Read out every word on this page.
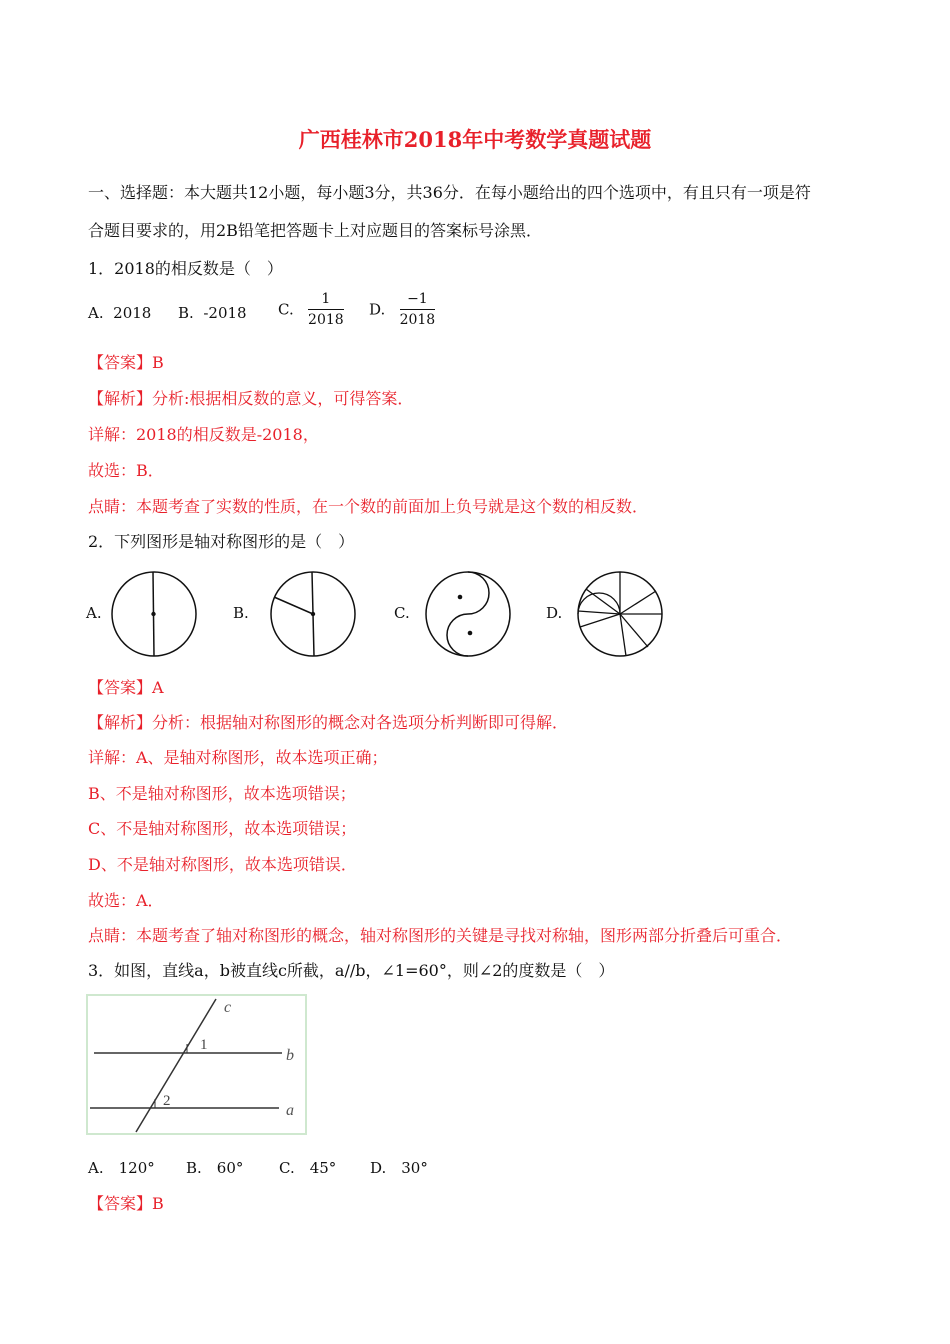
广西桂林市2018年中考数学真题试题
一、选择题：本大题共12小题，每小题3分，共36分．在每小题给出的四个选项中，有且只有一项是符
合题目要求的，用2B铅笔把答题卡上对应题目的答案标号涂黑．
1．2018的相反数是（　）
A. 2018 B. -2018 C. $\frac{1}{2018} D$. $\frac{-1}{2018}$
【答案】B
【解析】分析:根据相反数的意义，可得答案．
详解：2018的相反数是-2018，
故选：B．
点睛：本题考查了实数的性质，在一个数的前面加上负号就是这个数的相反数．
2．下列图形是轴对称图形的是（　）
A.	B.	C.	D.
【答案】A
【解析】分析：根据轴对称图形的概念对各选项分析判断即可得解．
详解：A、是轴对称图形，故本选项正确；
B、不是轴对称图形，故本选项错误；
C、不是轴对称图形，故本选项错误；
D、不是轴对称图形，故本选项错误．
故选：A．
点睛：本题考查了轴对称图形的概念，轴对称图形的关键是寻找对称轴，图形两部分折叠后可重合．
3．如图，直线a，b被直线c所截，a//b，∠1=60°，则∠2的度数是（　）
c
b
a
1
2
A.　120° B.　60° C.　45° D.　30°
【答案】B
